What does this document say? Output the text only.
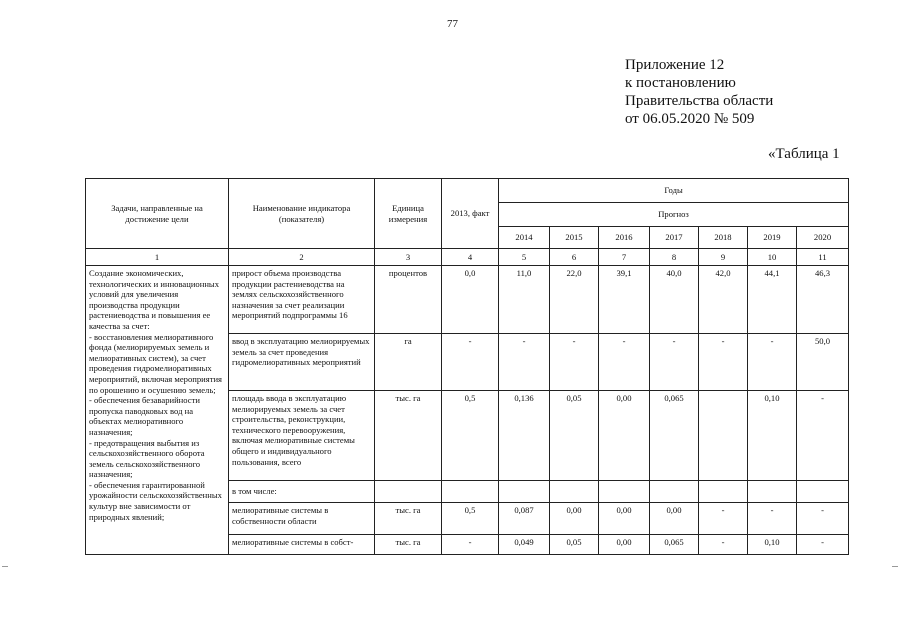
77
Приложение 12
к постановлению
Правительства области
от 06.05.2020 № 509
«Таблица 1
Задачи, направленные на достижение цели	Наименование индикатора (показателя)	Единица измерения	2013, факт	Годы						
				Прогноз						
				2014	2015	2016	2017	2018	2019	2020
1	2	3	4	5	6	7	8	9	10	11
Создание экономических, технологических и инновационных условий для увеличения производства продукции растениеводства и повышения ее качества за счет:
- восстановления мелиоративного фонда (мелиорируемых земель и мелиоративных систем), за счет проведения гидромелиоративных мероприятий, включая мероприятия по орошению и осушению земель;
- обеспечения безаварийности пропуска паводковых вод на объектах мелиоративного назначения;
- предотвращения выбытия из сельскохозяйственного оборота земель сельскохозяйственного назначения;
- обеспечения гарантированной урожайности сельскохозяйственных культур вне зависимости от природных явлений;	прирост объема производства продукции растениеводства на землях сельскохозяйственного назначения за счет реализации мероприятий подпрограммы 16	процентов	0,0	11,0	22,0	39,1	40,0	42,0	44,1	46,3
	ввод в эксплуатацию мелиорируемых земель за счет проведения гидромелиоративных мероприятий	га	-	-	-	-	-	-	-	50,0
	площадь ввода в эксплуатацию мелиорируемых земель за счет строительства, реконструкции, технического перевооружения, включая мелиоративные системы общего и индивидуального пользования, всего	тыс. га	0,5	0,136	0,05	0,00	0,065		0,10	-
	в том числе:									
	мелиоративные системы в собственности области	тыс. га	0,5	0,087	0,00	0,00	0,00	-	-	-
	мелиоративные системы в собст-	тыс. га	-	0,049	0,05	0,00	0,065	-	0,10	-
